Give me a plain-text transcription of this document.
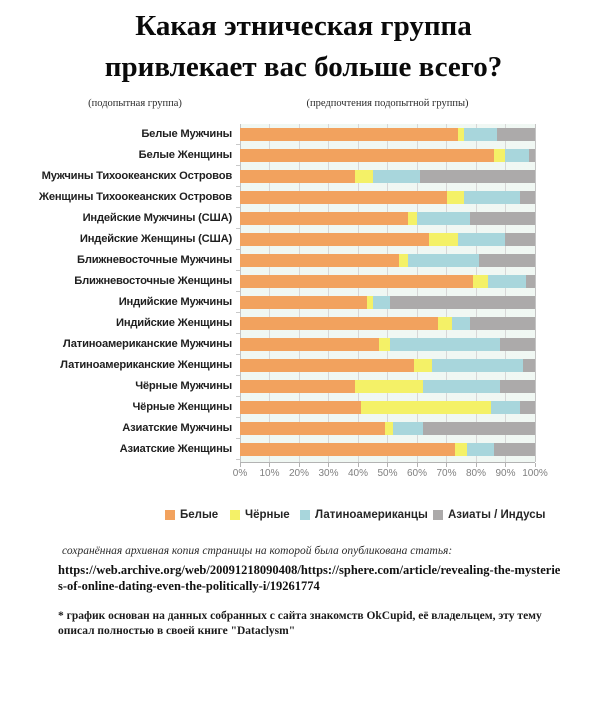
Какая этническая группа
привлекает вас больше всего?
(подопытная группа)	(предпочтения подопытной группы)
Белые Мужчины
Белые Женщины
Мужчины Тихоокеанских Островов
Женщины Тихоокеанских Островов
Индейские Мужчины (США)
Индейские Женщины (США)
Ближневосточные Мужчины
Ближневосточные Женщины
Индийские Мужчины
Индийские Женщины
Латиноамериканские Мужчины
Латиноамериканские Женщины
Чёрные Мужчины
Чёрные Женщины
Азиатские Мужчины
Азиатские Женщины
0%	10% 20% 30% 40% 50% 60% 70% 80% 90% 100%
Белые Чёрные Латиноамериканцы Азиаты / Индусы
сохранённая архивная копия страницы на которой была опубликована статья:
https://web.archive.org/web/20091218090408/https://sphere.com/article/revealing-the-mysteries-of-online-dating-even-the-politically-i/19261774
* график основан на данных собранных с сайта знакомств OkCupid, её владельцем, эту тему описал полностью в своей книге "Dataclysm"
